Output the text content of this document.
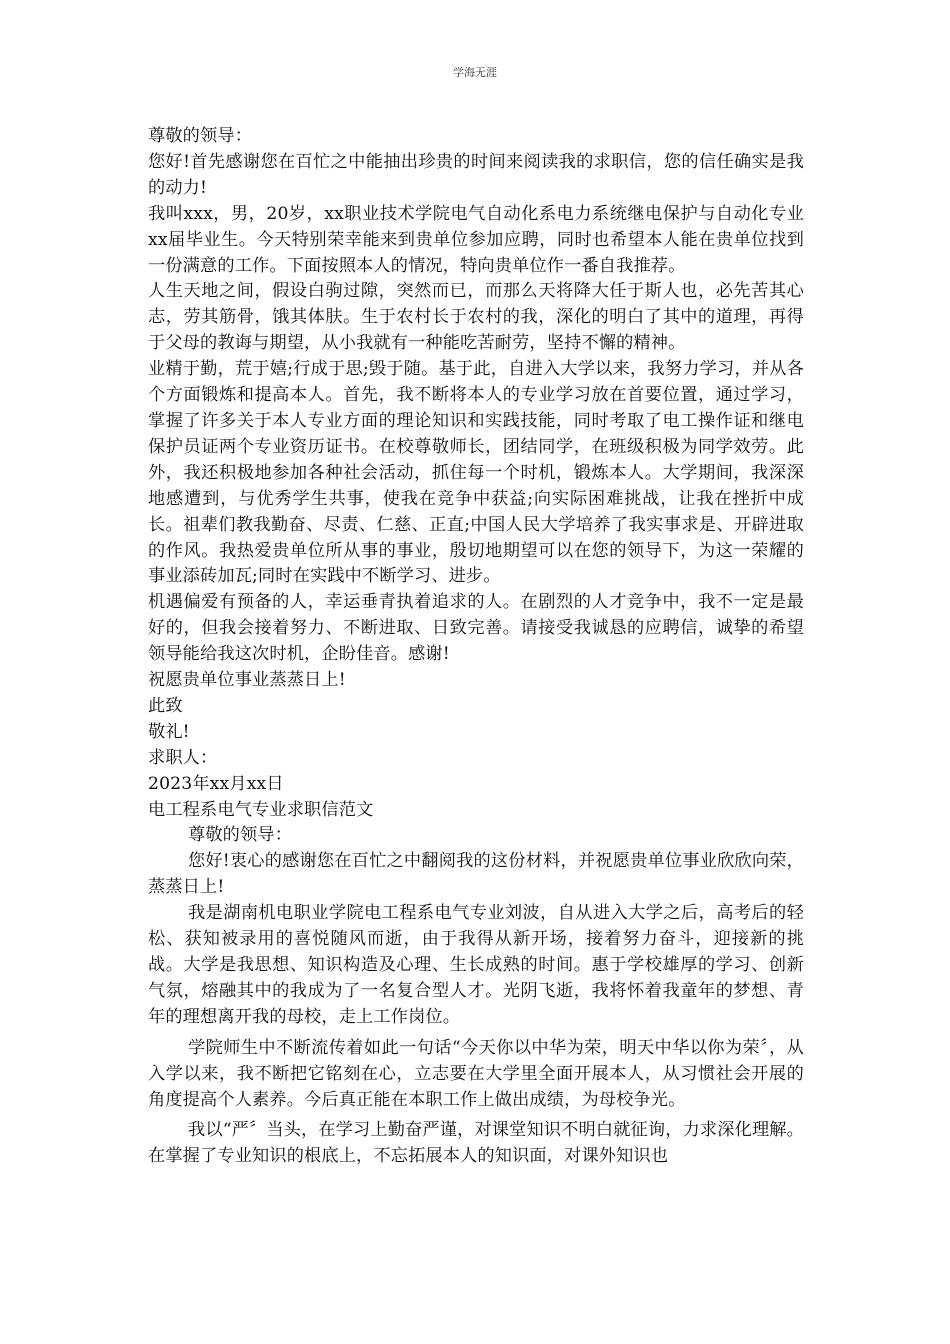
学海无涯

尊敬的领导：

您好!首先感谢您在百忙之中能抽出珍贵的时间来阅读我的求职信，您的信任确实是我的动力!

我叫xxx，男，20岁，xx职业技术学院电气自动化系电力系统继电保护与自动化专业xx届毕业生。今天特别荣幸能来到贵单位参加应聘，同时也希望本人能在贵单位找到一份满意的工作。下面按照本人的情况，特向贵单位作一番自我推荐。

人生天地之间，假设白驹过隙，突然而已，而那么天将降大任于斯人也，必先苦其心志，劳其筋骨，饿其体肤。生于农村长于农村的我，深化的明白了其中的道理，再得于父母的教诲与期望，从小我就有一种能吃苦耐劳，坚持不懈的精神。

业精于勤，荒于嬉;行成于思;毁于随。基于此，自进入大学以来，我努力学习，并从各个方面锻炼和提高本人。首先，我不断将本人的专业学习放在首要位置，通过学习，掌握了许多关于本人专业方面的理论知识和实践技能，同时考取了电工操作证和继电保护员证两个专业资历证书。在校尊敬师长，团结同学，在班级积极为同学效劳。此外，我还积极地参加各种社会活动，抓住每一个时机，锻炼本人。大学期间，我深深地感遭到，与优秀学生共事，使我在竞争中获益;向实际困难挑战，让我在挫折中成长。祖辈们教我勤奋、尽责、仁慈、正直;中国人民大学培养了我实事求是、开辟进取的作风。我热爱贵单位所从事的事业，殷切地期望可以在您的领导下，为这一荣耀的事业添砖加瓦;同时在实践中不断学习、进步。

机遇偏爱有预备的人，幸运垂青执着追求的人。在剧烈的人才竞争中，我不一定是最好的，但我会接着努力、不断进取、日致完善。请接受我诚恳的应聘信，诚挚的希望领导能给我这次时机，企盼佳音。感谢!

祝愿贵单位事业蒸蒸日上!

此致

敬礼!

求职人：

2023年xx月xx日

电工程系电气专业求职信范文

尊敬的领导：

您好!衷心的感谢您在百忙之中翻阅我的这份材料，并祝愿贵单位事业欣欣向荣，蒸蒸日上!

我是湖南机电职业学院电工程系电气专业刘波，自从进入大学之后，高考后的轻松、获知被录用的喜悦随风而逝，由于我得从新开场，接着努力奋斗，迎接新的挑战。大学是我思想、知识构造及心理、生长成熟的时间。惠于学校雄厚的学习、创新气氛，熔融其中的我成为了一名复合型人才。光阴飞逝，我将怀着我童年的梦想、青年的理想离开我的母校，走上工作岗位。

学院师生中不断流传着如此一句话“今天你以中华为荣，明天中华以你为荣〞，从入学以来，我不断把它铭刻在心，立志要在大学里全面开展本人，从习惯社会开展的角度提高个人素养。今后真正能在本职工作上做出成绩，为母校争光。

我以“严〞当头，在学习上勤奋严谨，对课堂知识不明白就征询，力求深化理解。在掌握了专业知识的根底上，不忘拓展本人的知识面，对课外知识也
